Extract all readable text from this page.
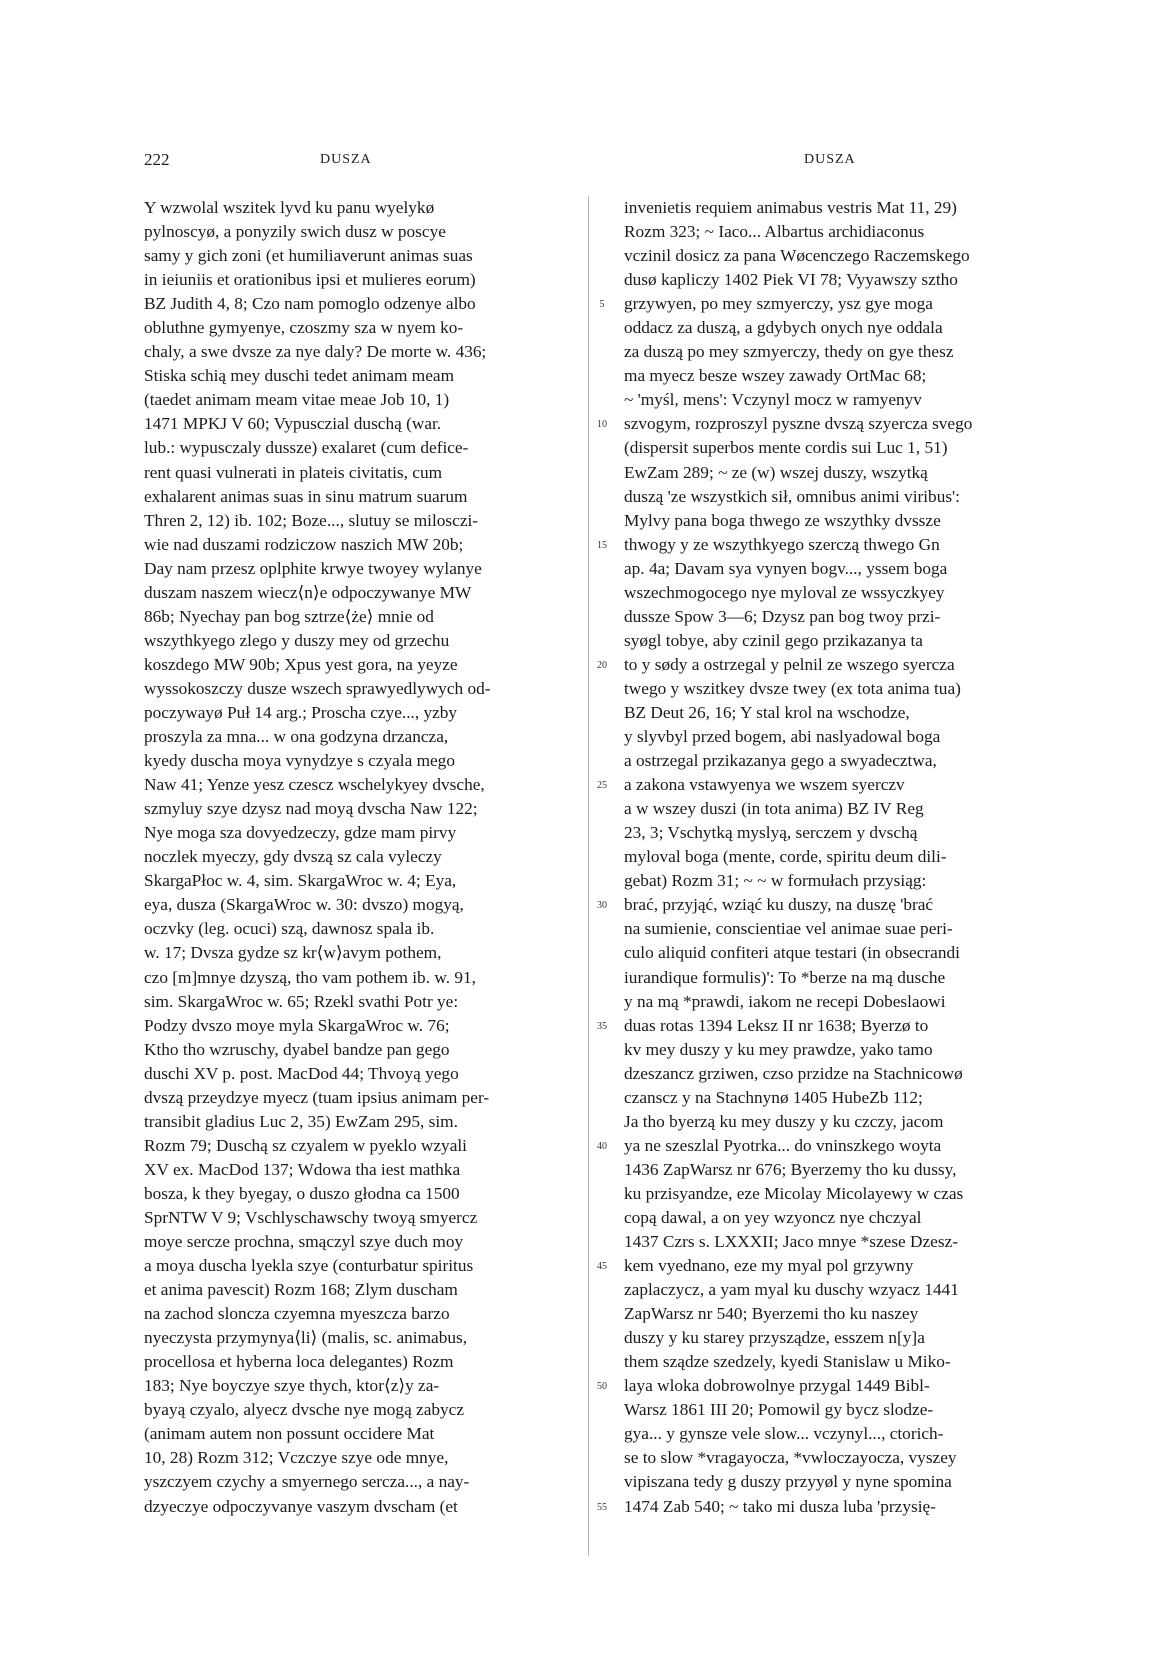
222	DUSZA	DUSZA
Y wzwolal wszitek lyvd ku panu wyelykø
pylnoscyø, a ponyzily swich dusz w poscye
samy y gich zoni (et humiliaverunt animas suas
in ieiuniis et orationibus ipsi et mulieres eorum)
BZ Judith 4, 8; Czo nam pomoglo odzenye albo
obluthne gymyenye, czoszmy sza w nyem ko-
chaly, a swe dvsze za nye daly? De morte w. 436;
Stiska schią mey duschi tedet animam meam
(taedet animam meam vitae meae Job 10, 1)
1471 MPKJ V 60; Vypusczial duschą (war.
lub.: wypusczaly dussze) exalaret (cum defice-
rent quasi vulnerati in plateis civitatis, cum
exhalarent animas suas in sinu matrum suarum
Thren 2, 12) ib. 102; Boze..., slutuy se milosczi-
wie nad duszami rodziczow naszich MW 20b;
Day nam przesz oplphite krwye twoyey wylanye
duszam naszem wiecz⟨n⟩e odpoczywanye MW
86b; Nyechay pan bog sztrze⟨że⟩ mnie od
wszythkyego zlego y duszy mey od grzechu
koszdego MW 90b; Xpus yest gora, na yeyze
wyssokoszczy dusze wszech sprawyedlywych od-
poczywayø Puł 14 arg.; Proscha czye..., yzby
proszyla za mna... w ona godzyna drzancza,
kyedy duscha moya vynydzye s czyala mego
Naw 41; Yenze yesz czescz wschelykyey dvsche,
szmyluy szye dzysz nad moyą dvscha Naw 122;
Nye moga sza dovyedzeczy, gdze mam pirvy
noczlek myeczy, gdy dvszą sz cala vyleczy
SkargaPłoc w. 4, sim. SkargaWroc w. 4; Eya,
eya, dusza (SkargaWroc w. 30: dvszo) mogyą,
oczvky (leg. ocuci) szą, dawnosz spala ib.
w. 17; Dvsza gydze sz kr⟨w⟩avym pothem,
czo [m]mnye dzyszą, tho vam pothem ib. w. 91,
sim. SkargaWroc w. 65; Rzekl svathi Potr ye:
Podzy dvszo moye myla SkargaWroc w. 76;
Ktho tho wzruschy, dyabel bandze pan gego
duschi XV p. post. MacDod 44; Thvoyą yego
dvszą przeydzye myecz (tuam ipsius animam per-
transibit gladius Luc 2, 35) EwZam 295, sim.
Rozm 79; Duschą sz czyalem w pyeklo wzyali
XV ex. MacDod 137; Wdowa tha iest mathka
bosza, k they byegay, o duszo głodna ca 1500
SprNTW V 9; Vschlyschawschy twoyą smyercz
moye sercze prochna, smączyl szye duch moy
a moya duscha lyekla szye (conturbatur spiritus
et anima pavescit) Rozm 168; Zlym duscham
na zachod sloncza czyemna myeszcza barzo
nyeczysta przymynya⟨li⟩ (malis, sc. animabus,
procellosa et hyberna loca delegantes) Rozm
183; Nye boyczye szye thych, ktor⟨z⟩y za-
byayą czyalo, alyecz dvsche nye mogą zabycz
(animam autem non possunt occidere Mat
10, 28) Rozm 312; Vczczye szye ode mnye,
yszczyem czychy a smyernego sercza..., a nay-
dzyeczye odpoczyvanye vaszym dvscham (et
5
10
15
20
25
30
35
40
45
50
55
invenietis requiem animabus vestris Mat 11, 29)
Rozm 323; ~ Iaco... Albartus archidiaconus
vczinil dosicz za pana Wøcenczego Raczemskego
dusø kapliczy 1402 Piek VI 78; Vyyawszy sztho
grzywyen, po mey szmyerczy, ysz gye moga
oddacz za duszą, a gdybych onych nye oddala
za duszą po mey szmyerczy, thedy on gye thesz
ma myecz besze wszey zawady OrtMac 68;
~ 'myśl, mens': Vczynyl mocz w ramyenyv
szvogym, rozproszyl pyszne dvszą szyercza svego
(dispersit superbos mente cordis sui Luc 1, 51)
EwZam 289; ~ ze (w) wszej duszy, wszytką
duszą 'ze wszystkich sił, omnibus animi viribus':
Mylvy pana boga thwego ze wszythky dvssze
thwogy y ze wszythkyego szerczą thwego Gn
ap. 4a; Davam sya vynyen bogv..., yssem boga
wszechmogocego nye myloval ze wssyczkyey
dussze Spow 3—6; Dzysz pan bog twoy przi-
syøgl tobye, aby czinil gego przikazanya ta
to y sødy a ostrzegal y pelnil ze wszego syercza
twego y wszitkey dvsze twey (ex tota anima tua)
BZ Deut 26, 16; Y stal krol na wschodze,
y slyvbyl przed bogem, abi naslyadowal boga
a ostrzegal przikazanya gego a swyadecztwa,
a zakona vstawyenya we wszem syerczv
a w wszey duszi (in tota anima) BZ IV Reg
23, 3; Vschytką myslyą, serczem y dvschą
myloval boga (mente, corde, spiritu deum dili-
gebat) Rozm 31; ~ ~ w formułach przysiąg:
brać, przyjąć, wziąć ku duszy, na duszę 'brać
na sumienie, conscientiae vel animae suae peri-
culo aliquid confiteri atque testari (in obsecrandi
iurandique formulis)': To *berze na mą dusche
y na mą *prawdi, iakom ne recepi Dobeslaowi
duas rotas 1394 Leksz II nr 1638; Byerzø to
kv mey duszy y ku mey prawdze, yako tamo
dzeszancz grziwen, czso przidze na Stachnicowø
czanscz y na Stachnynø 1405 HubeZb 112;
Ja tho byerzą ku mey duszy y ku czczy, jacom
ya ne szeszlal Pyotrka... do vninszkego woyta
1436 ZapWarsz nr 676; Byerzemy tho ku dussy,
ku przisyandze, eze Micolay Micolayewy w czas
copą dawal, a on yey wzyoncz nye chczyal
1437 Czrs s. LXXXII; Jaco mnye *szese Dzesz-
kem vyednano, eze my myal pol grzywny
zaplaczycz, a yam myal ku duschy wzyacz 1441
ZapWarsz nr 540; Byerzemi tho ku naszey
duszy y ku starey przysządze, esszem n[y]a
them sządze szedzely, kyedi Stanislaw u Miko-
laya wloka dobrowolnye przygal 1449 Bibl-
Warsz 1861 III 20; Pomowil gy bycz slodze-
gya... y gynsze vele slow... vczynyl..., ctorich-
se to slow *vragayocza, *vwloczayocza, vyszey
vipiszana tedy g duszy przyyøl y nyne spomina
1474 Zab 540; ~ tako mi dusza luba 'przysię-
